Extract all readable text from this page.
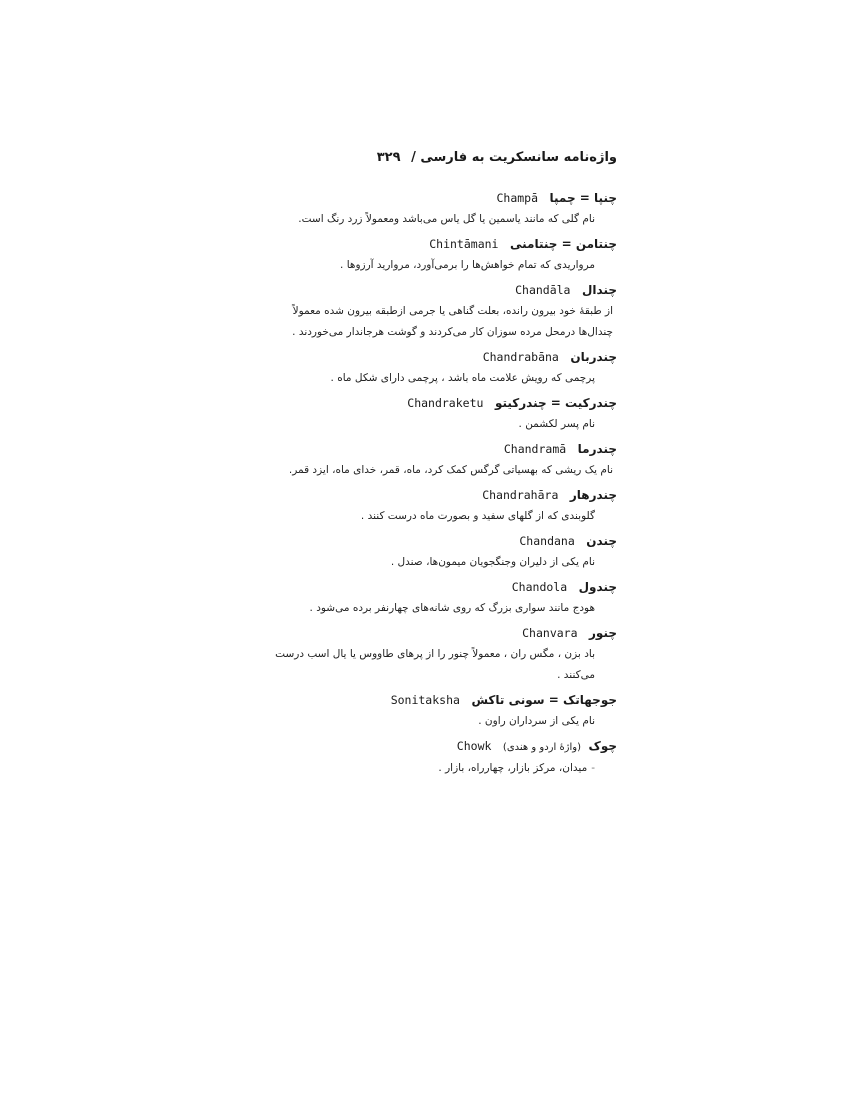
واژه‌نامه سانسکریت به فارسی / ۳۲۹
چنپا = چمپا Champā

نام گلی که مانند یاسمین یا گل یاس می‌باشد ومعمولاً زرد رنگ است.

چنتامن = چنتامنی Chintāmani

مرواریدی که تمام خواهش‌ها را برمی‌آورد، مروارید آرزوها .

چندال Chandāla

از طبقهٔ خود بیرون رانده، بعلت گناهی یا جرمی ازطبقه بیرون شده معمولاً

چندال‌ها درمحل مرده سوزان کار می‌کردند و گوشت هرجاندار می‌خوردند .

چندربان Chandrabāna

پرچمی که رویش علامت ماه باشد ، پرچمی دارای شکل ماه .

چندرکیت = چندرکیتو Chandraketu

نام پسر لکشمن .

چندرما Chandramā

نام یک ریشی که بهسیاتی گرگس کمک کرد، ماه، قمر، خدای ماه، ایزد قمر.

چندرهار Chandrahāra

گلوبندی که از گلهای سفید و بصورت ماه درست کنند .

چندن Chandana

نام یکی از دلیران وجنگجویان میمون‌ها، صندل .

چندول Chandola

هودج مانند سواری بزرگ که روی شانه‌های چهارنفر برده می‌شود .

چنور Chanvara

باد بزن ، مگس ران ، معمولاً چنور را از پرهای طاووس یا یال اسب درست

می‌کنند .

جوجهاتک = سونی تاکش Sonitaksha

نام یکی از سرداران راون .

چوک (واژهٔ اردو و هندی) Chowk

- میدان، مرکز بازار، چهارراه، بازار .
